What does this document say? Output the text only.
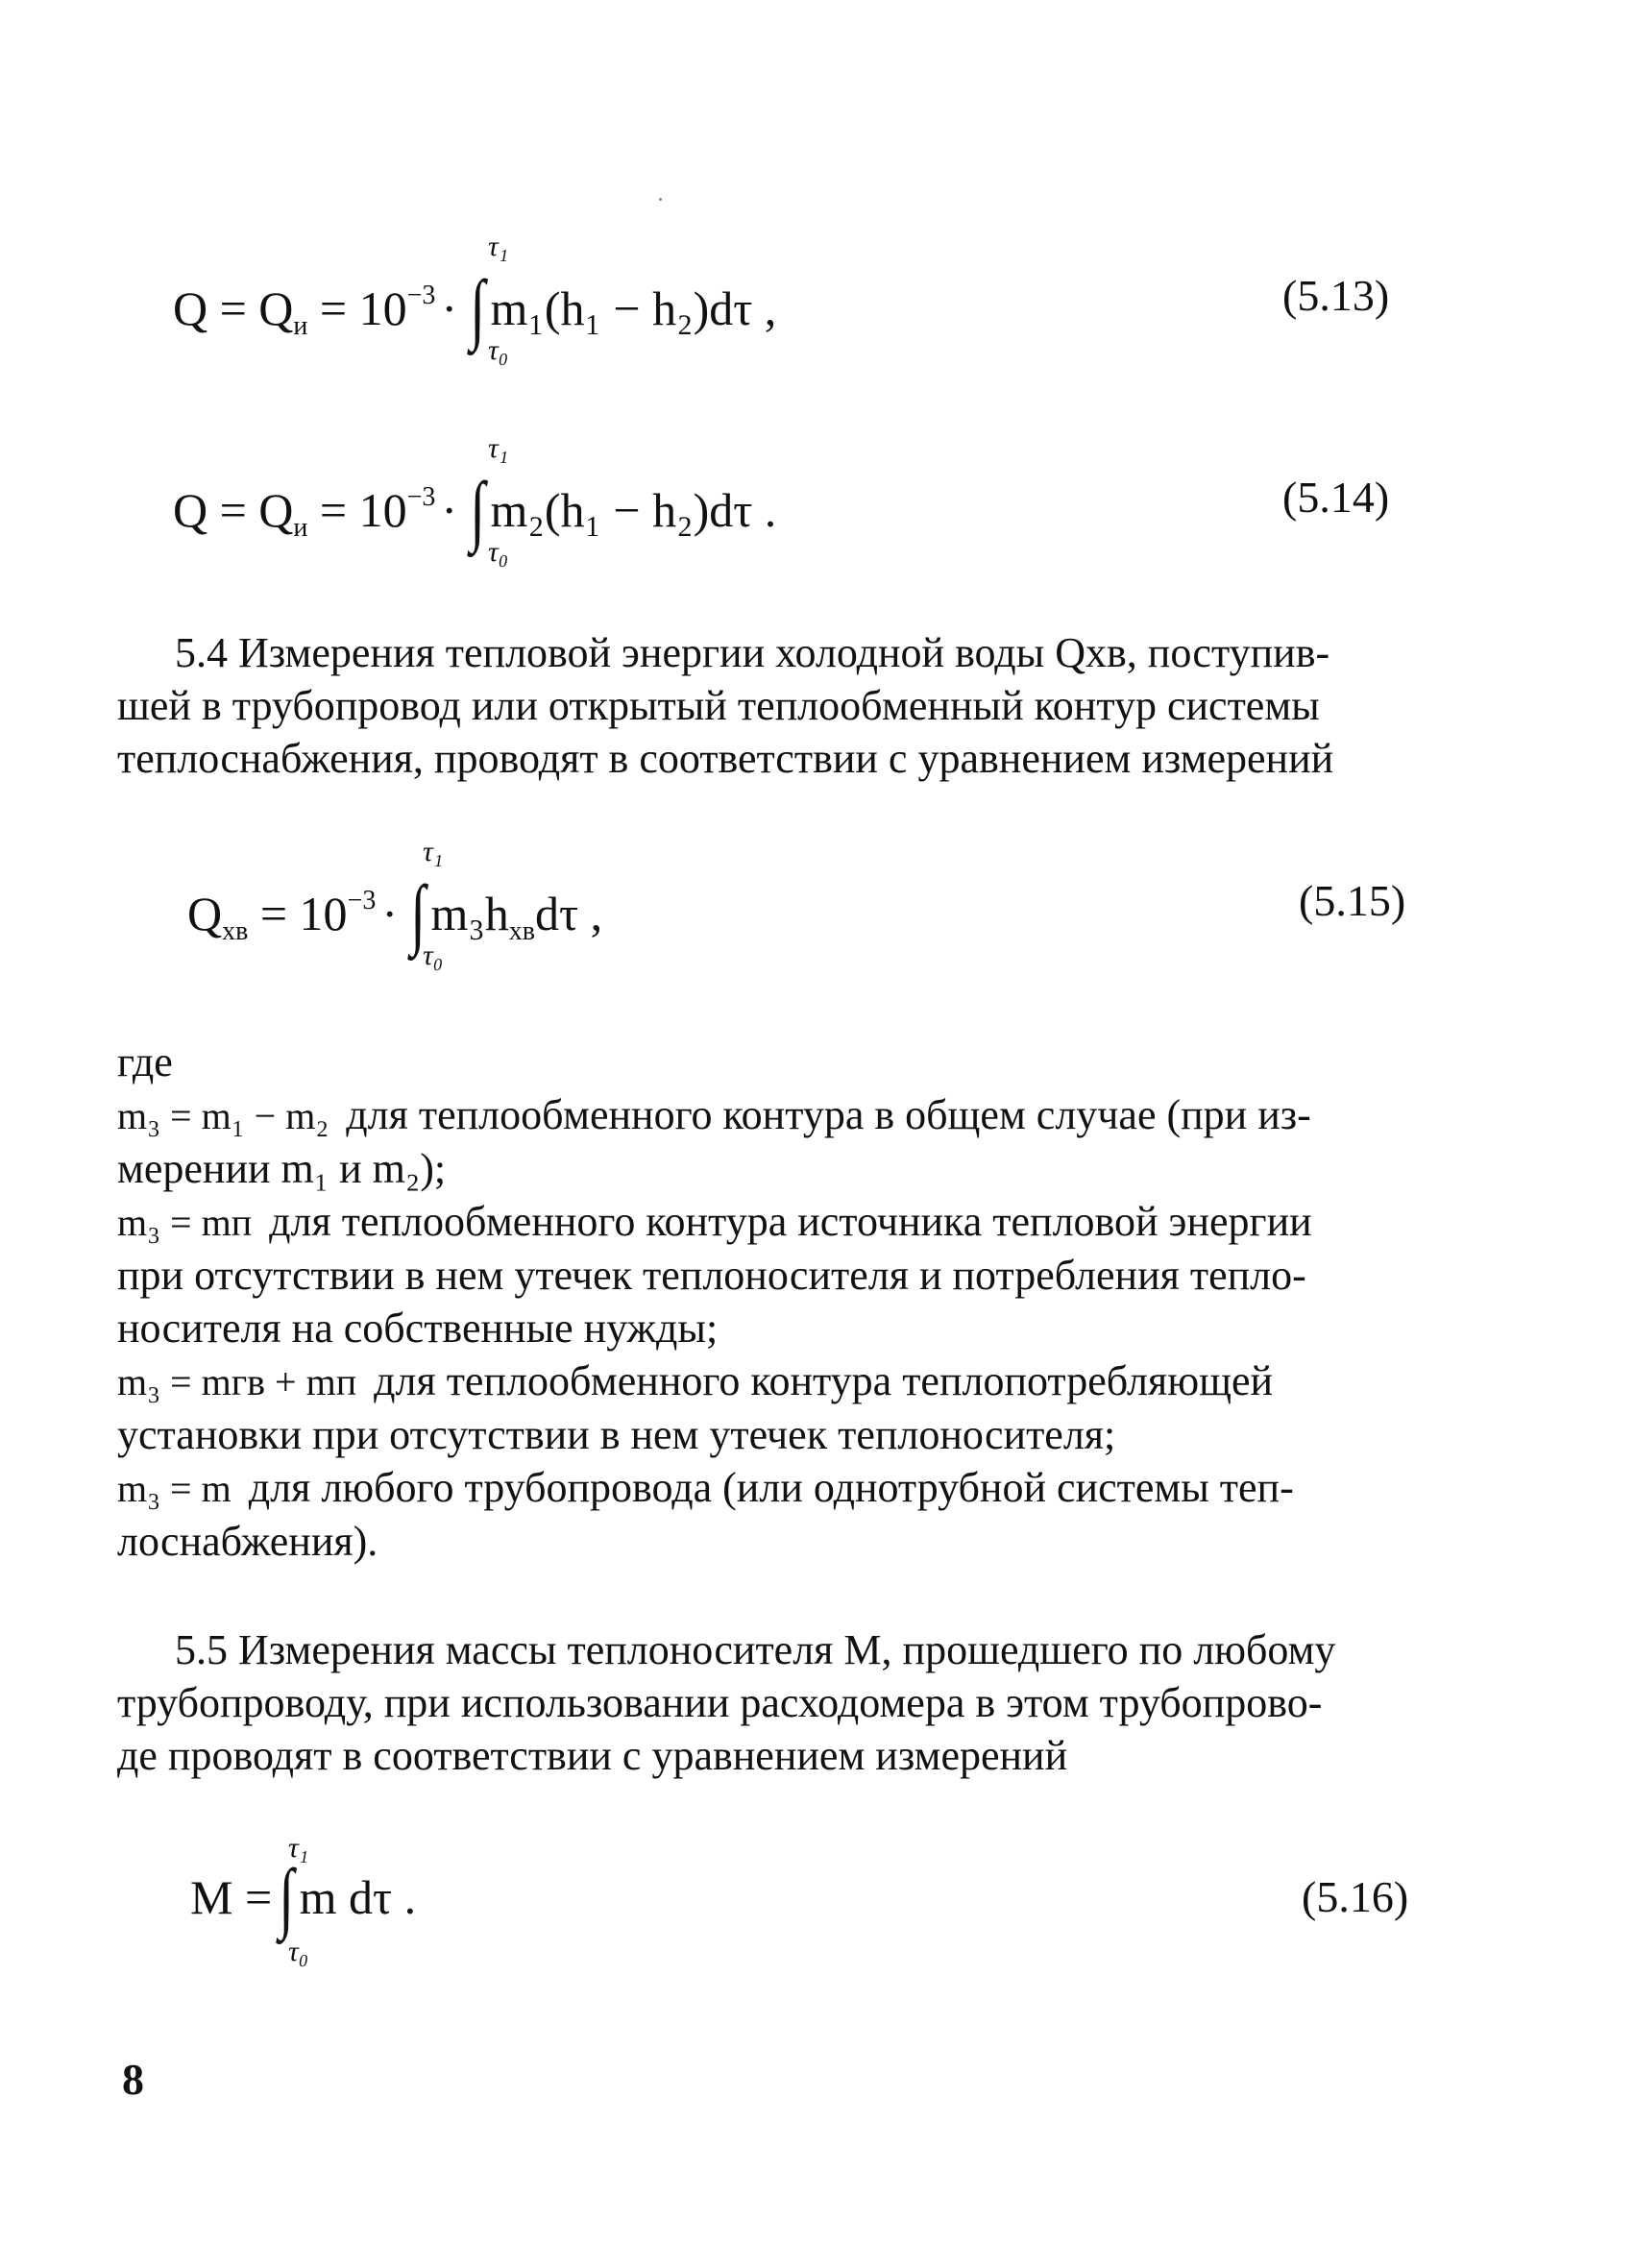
τ₁
$Q = Q_и = 10^{-3}$ · ∫ m₁(h₁ − h₂)dτ ,
τ₀
(5.13)
τ₁
$Q = Q_и = 10^{-3}$ · ∫ m₂(h₁ − h₂)dτ .
τ₀
(5.14)
5.4 Измерения тепловой энергии холодной воды Qхв, поступив-
шей в трубопровод или открытый теплообменный контур системы
теплоснабжения, проводят в соответствии с уравнением измерений
τ₁
$Q_{хв} = 10^{-3}$ · ∫ $m_3h_{хв}d\tau$ ,
τ₀
(5.15)
где
m₃ = m₁ − m₂ для теплообменного контура в общем случае (при из-
мерении m₁ и m₂);
m₃ = mп для теплообменного контура источника тепловой энергии
при отсутствии в нем утечек теплоносителя и потребления тепло-
носителя на собственные нужды;
m₃ = mгв + mп для теплообменного контура теплопотребляющей
установки при отсутствии в нем утечек теплоносителя;
m₃ = m для любого трубопровода (или однотрубной системы теп-
лоснабжения).
5.5 Измерения массы теплоносителя M, прошедшего по любому
трубопроводу, при использовании расходомера в этом трубопрово-
де проводят в соответствии с уравнением измерений
τ₁
M =∫ m dτ .
τ₀
(5.16)
8
